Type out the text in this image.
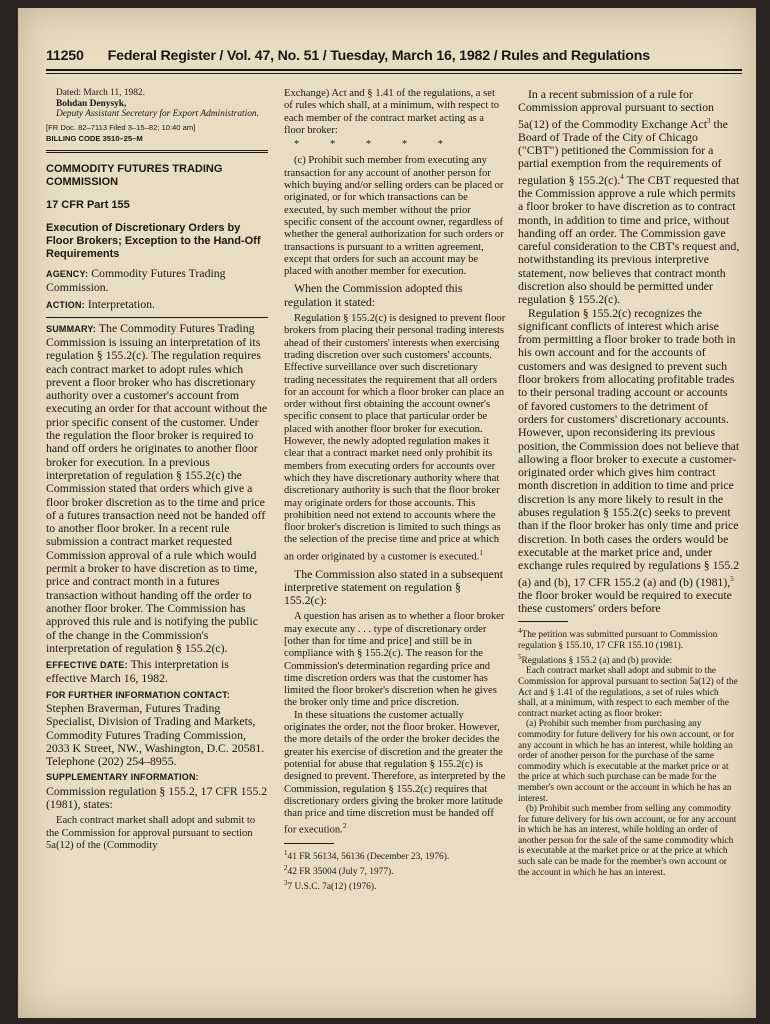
11250 Federal Register / Vol. 47, No. 51 / Tuesday, March 16, 1982 / Rules and Regulations
Dated: March 11, 1982.
Bohdan Denysyk,
Deputy Assistant Secretary for Export Administration.
[FR Doc. 82–7113 Filed 3–15–82; 10:40 am]
BILLING CODE 3510–25–M
COMMODITY FUTURES TRADING COMMISSION
17 CFR Part 155
Execution of Discretionary Orders by Floor Brokers; Exception to the Hand-Off Requirements
AGENCY: Commodity Futures Trading Commission.
ACTION: Interpretation.
SUMMARY: The Commodity Futures Trading Commission is issuing an interpretation of its regulation § 155.2(c). The regulation requires each contract market to adopt rules which prevent a floor broker who has discretionary authority over a customer's account from executing an order for that account without the prior specific consent of the customer. Under the regulation the floor broker is required to hand off orders he originates to another floor broker for execution. In a previous interpretation of regulation § 155.2(c) the Commission stated that orders which give a floor broker discretion as to the time and price of a futures transaction need not be handed off to another floor broker. In a recent rule submission a contract market requested Commission approval of a rule which would permit a broker to have discretion as to time, price and contract month in a futures transaction without handing off the order to another floor broker. The Commission has approved this rule and is notifying the public of the change in the Commission's interpretation of regulation § 155.2(c).
EFFECTIVE DATE: This interpretation is effective March 16, 1982.
FOR FURTHER INFORMATION CONTACT:
Stephen Braverman, Futures Trading Specialist, Division of Trading and Markets, Commodity Futures Trading Commission, 2033 K Street, NW., Washington, D.C. 20581. Telephone (202) 254–8955.
SUPPLEMENTARY INFORMATION:
Commission regulation § 155.2, 17 CFR 155.2 (1981), states:

Each contract market shall adopt and submit to the Commission for approval pursuant to section 5a(12) of the (Commodity

Exchange) Act and § 1.41 of the regulations, a set of rules which shall, at a minimum, with respect to each member of the contract market acting as a floor broker:

* * * * *

(c) Prohibit such member from executing any transaction for any account of another person for which buying and/or selling orders can be placed or originated, or for which transactions can be executed, by such member without the prior specific consent of the account owner, regardless of whether the general authorization for such orders or transactions is pursuant to a written agreement, except that orders for such an account may be placed with another member for execution.

When the Commission adopted this regulation it stated:

Regulation § 155.2(c) is designed to prevent floor brokers from placing their personal trading interests ahead of their customers' interests when exercising trading discretion over such customers' accounts. Effective surveillance over such discretionary trading necessitates the requirement that all orders for an account for which a floor broker can place an order without first obtaining the account owner's specific consent to place that particular order be placed with another floor broker for execution. However, the newly adopted regulation makes it clear that a contract market need only prohibit its members from executing orders for accounts over which they have discretionary authority where that discretionary authority is such that the floor broker may originate orders for those accounts. This prohibition need not extend to accounts where the floor broker's discretion is limited to such things as the selection of the precise time and price at which an order originated by a customer is executed.$^1$

The Commission also stated in a subsequent interpretive statement on regulation § 155.2(c):

A question has arisen as to whether a floor broker may execute any . . . type of discretionary order [other than for time and price] and still be in compliance with § 155.2(c). The reason for the Commission's determination regarding price and time discretion orders was that the customer has limited the floor broker's discretion when he gives the broker only time and price discretion.

In these situations the customer actually originates the order, not the floor broker. However, the more details of the order the broker decides the greater his exercise of discretion and the greater the potential for abuse that regulation § 155.2(c) is designed to prevent. Therefore, as interpreted by the Commission, regulation § 155.2(c) requires that discretionary orders giving the broker more latitude than price and time discretion must be handed off for execution.$^2$

$^1$41 FR 56134, 56136 (December 23, 1976).

$^2$42 FR 35004 (July 7, 1977).

$^3$7 U.S.C. 7a(12) (1976).

In a recent submission of a rule for Commission approval pursuant to section 5a(12) of the Commodity Exchange Act$^3$ the Board of Trade of the City of Chicago ("CBT") petitioned the Commission for a partial exemption from the requirements of regulation § 155.2(c).$^4$ The CBT requested that the Commission approve a rule which permits a floor broker to have discretion as to contract month, in addition to time and price, without handing off an order. The Commission gave careful consideration to the CBT's request and, notwithstanding its previous interpretive statement, now believes that contract month discretion also should be permitted under regulation § 155.2(c).

Regulation § 155.2(c) recognizes the significant conflicts of interest which arise from permitting a floor broker to trade both in his own account and for the accounts of customers and was designed to prevent such floor brokers from allocating profitable trades to their personal trading account or accounts of favored customers to the detriment of orders for customers' discretionary accounts. However, upon reconsidering its previous position, the Commission does not believe that allowing a floor broker to execute a customer-originated order which gives him contract month discretion in addition to time and price discretion is any more likely to result in the abuses regulation § 155.2(c) seeks to prevent than if the floor broker has only time and price discretion. In both cases the orders would be executable at the market price and, under exchange rules required by regulations § 155.2 (a) and (b), 17 CFR 155.2 (a) and (b) (1981),$^5$ the floor broker would be required to execute these customers' orders before

$^4$The petition was submitted pursuant to Commission regulation § 155.10, 17 CFR 155.10 (1981).

$^5$Regulations § 155.2 (a) and (b) provide:

Each contract market shall adopt and submit to the Commission for approval pursuant to section 5a(12) of the Act and § 1.41 of the regulations, a set of rules which shall, at a minimum, with respect to each member of the contract market acting as floor broker:

(a) Prohibit such member from purchasing any commodity for future delivery for his own account, or for any account in which he has an interest, while holding an order of another person for the purchase of the same commodity which is executable at the market price or at the price at which such purchase can be made for the member's own account or the account in which he has an interest.

(b) Prohibit such member from selling any commodity for future delivery for his own account, or for any account in which he has an interest, while holding an order of another person for the sale of the same commodity which is executable at the market price or at the price at which such sale can be made for the member's own account or the account in which he has an interest.
